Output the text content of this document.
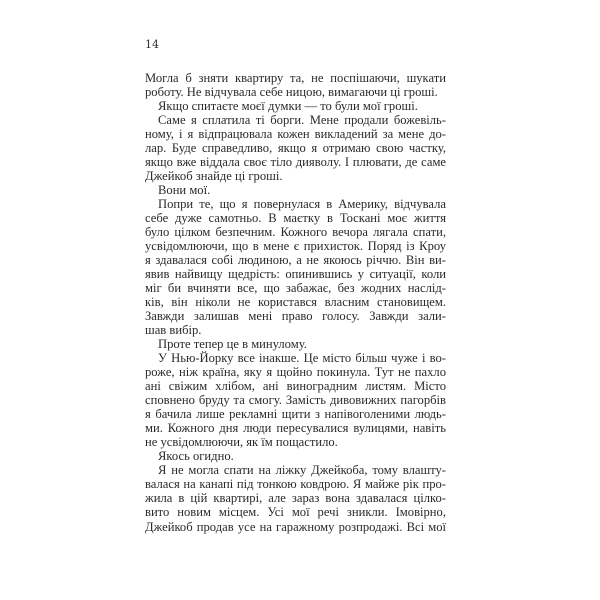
14
Могла б зняти квартиру та, не поспішаючи, шукати
роботу. Не відчувала себе ницою, вимагаючи ці гроші.
Якщо спитаєте моєї думки — то були мої гроші.
Саме я сплатила ті борги. Мене продали божевіль-
ному, і я відпрацювала кожен викладений за мене до-
лар. Буде справедливо, якщо я отримаю свою частку,
якщо вже віддала своє тіло дияволу. І плювати, де саме
Джейкоб знайде ці гроші.
Вони мої.
Попри те, що я повернулася в Америку, відчувала
себе дуже самотньо. В маєтку в Тоскані моє життя
було цілком безпечним. Кожного вечора лягала спати,
усвідомлюючи, що в мене є прихисток. Поряд із Кроу
я здавалася собі людиною, а не якоюсь річчю. Він ви-
явив найвищу щедрість: опинившись у ситуації, коли
міг би вчиняти все, що забажає, без жодних наслід-
ків, він ніколи не користався власним становищем.
Завжди залишав мені право голосу. Завжди зали-
шав вибір.
Проте тепер це в минулому.
У Нью-Йорку все інакше. Це місто більш чуже і во-
роже, ніж країна, яку я щойно покинула. Тут не пахло
ані свіжим хлібом, ані виноградним листям. Місто
сповнено бруду та смогу. Замість дивовижних пагорбів
я бачила лише рекламні щити з напівоголеними людь-
ми. Кожного дня люди пересувалися вулицями, навіть
не усвідомлюючи, як їм пощастило.
Якось огидно.
Я не могла спати на ліжку Джейкоба, тому влашту-
валася на канапі під тонкою ковдрою. Я майже рік про-
жила в цій квартирі, але зараз вона здавалася цілко-
вито новим місцем. Усі мої речі зникли. Імовірно,
Джейкоб продав усе на гаражному розпродажі. Всі мої
